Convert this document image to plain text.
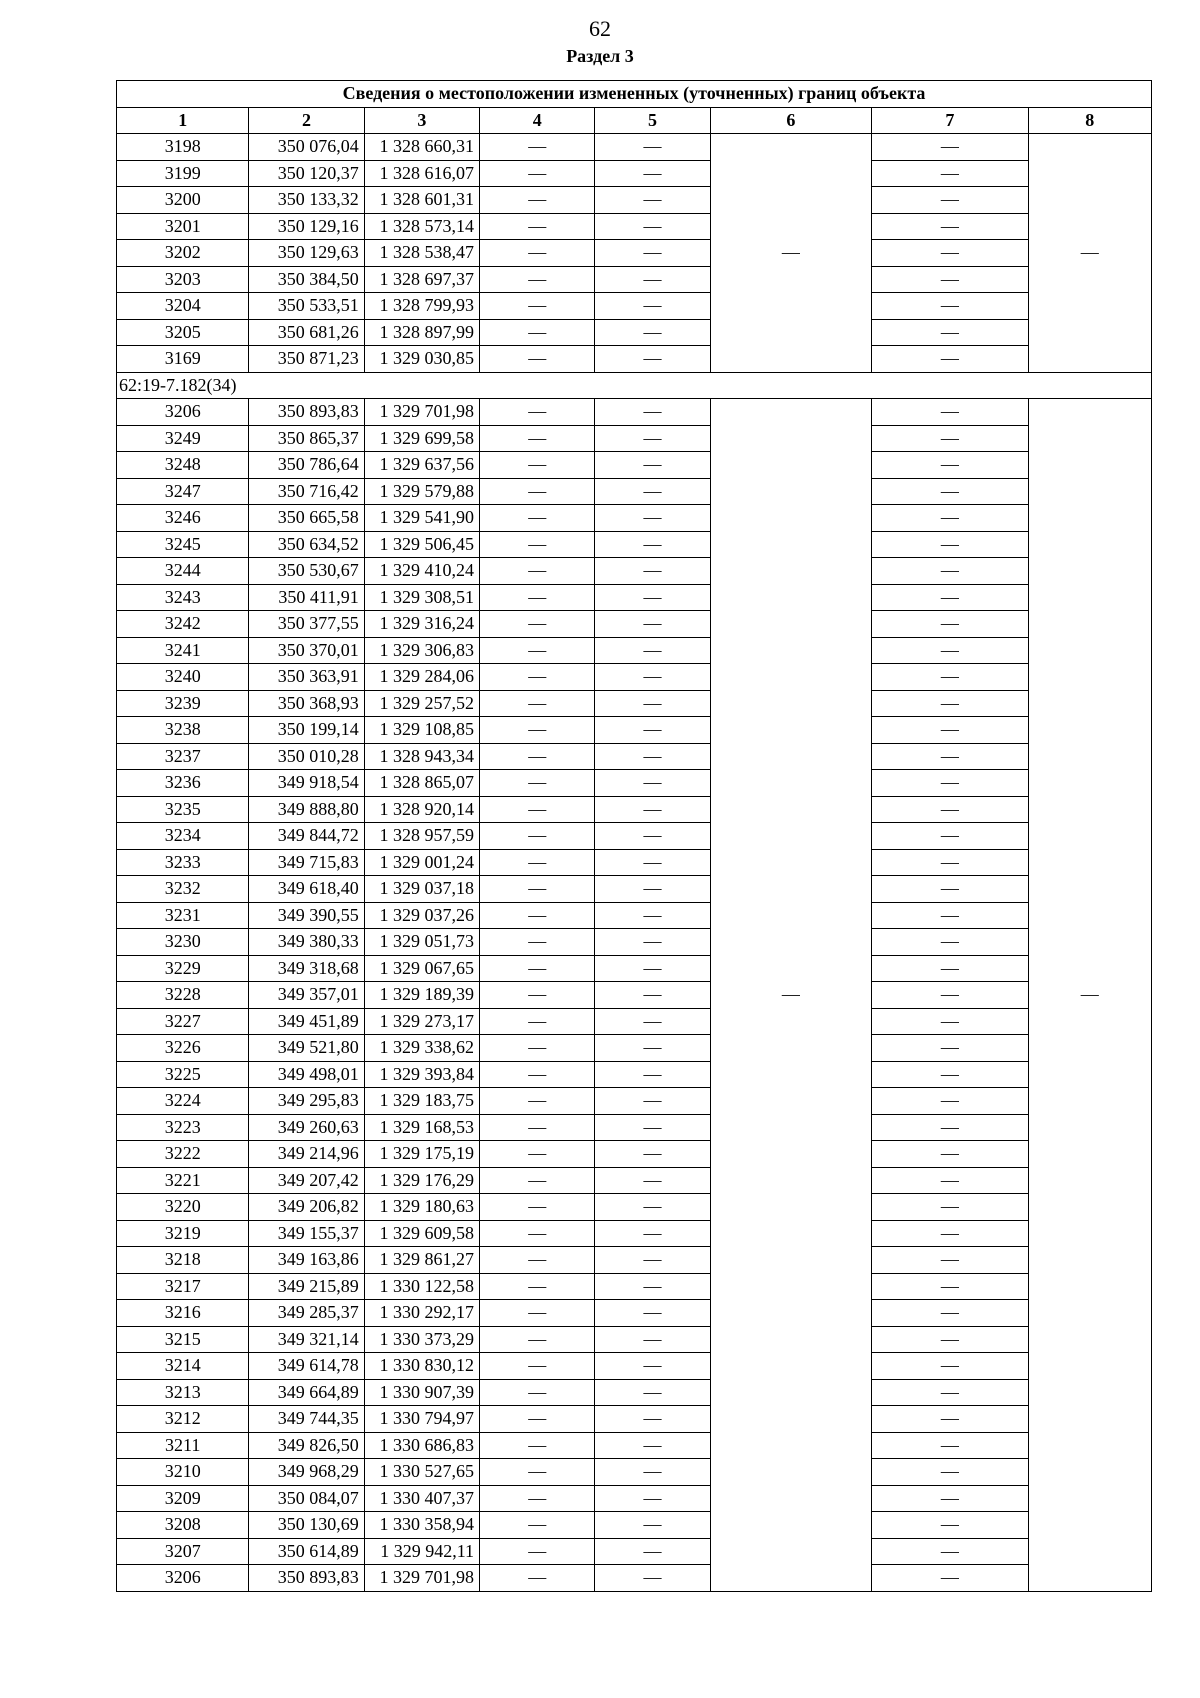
62
Раздел 3
Сведения о местоположении измененных (уточненных) границ объекта							
1	2	3	4	5	6	7	8
3198	350 076,04	1 328 660,31	—	—	—	—	—
3199	350 120,37	1 328 616,07	—	—		—	
3200	350 133,32	1 328 601,31	—	—		—	
3201	350 129,16	1 328 573,14	—	—		—	
3202	350 129,63	1 328 538,47	—	—		—	
3203	350 384,50	1 328 697,37	—	—		—	
3204	350 533,51	1 328 799,93	—	—		—	
3205	350 681,26	1 328 897,99	—	—		—	
3169	350 871,23	1 329 030,85	—	—		—	
62:19-7.182(34)							
3206	350 893,83	1 329 701,98	—	—	—	—	—
3249	350 865,37	1 329 699,58	—	—		—	
3248	350 786,64	1 329 637,56	—	—		—	
3247	350 716,42	1 329 579,88	—	—		—	
3246	350 665,58	1 329 541,90	—	—		—	
3245	350 634,52	1 329 506,45	—	—		—	
3244	350 530,67	1 329 410,24	—	—		—	
3243	350 411,91	1 329 308,51	—	—		—	
3242	350 377,55	1 329 316,24	—	—		—	
3241	350 370,01	1 329 306,83	—	—		—	
3240	350 363,91	1 329 284,06	—	—		—	
3239	350 368,93	1 329 257,52	—	—		—	
3238	350 199,14	1 329 108,85	—	—		—	
3237	350 010,28	1 328 943,34	—	—		—	
3236	349 918,54	1 328 865,07	—	—		—	
3235	349 888,80	1 328 920,14	—	—		—	
3234	349 844,72	1 328 957,59	—	—		—	
3233	349 715,83	1 329 001,24	—	—		—	
3232	349 618,40	1 329 037,18	—	—		—	
3231	349 390,55	1 329 037,26	—	—		—	
3230	349 380,33	1 329 051,73	—	—		—	
3229	349 318,68	1 329 067,65	—	—		—	
3228	349 357,01	1 329 189,39	—	—		—	
3227	349 451,89	1 329 273,17	—	—		—	
3226	349 521,80	1 329 338,62	—	—		—	
3225	349 498,01	1 329 393,84	—	—		—	
3224	349 295,83	1 329 183,75	—	—		—	
3223	349 260,63	1 329 168,53	—	—		—	
3222	349 214,96	1 329 175,19	—	—		—	
3221	349 207,42	1 329 176,29	—	—		—	
3220	349 206,82	1 329 180,63	—	—		—	
3219	349 155,37	1 329 609,58	—	—		—	
3218	349 163,86	1 329 861,27	—	—		—	
3217	349 215,89	1 330 122,58	—	—		—	
3216	349 285,37	1 330 292,17	—	—		—	
3215	349 321,14	1 330 373,29	—	—		—	
3214	349 614,78	1 330 830,12	—	—		—	
3213	349 664,89	1 330 907,39	—	—		—	
3212	349 744,35	1 330 794,97	—	—		—	
3211	349 826,50	1 330 686,83	—	—		—	
3210	349 968,29	1 330 527,65	—	—		—	
3209	350 084,07	1 330 407,37	—	—		—	
3208	350 130,69	1 330 358,94	—	—		—	
3207	350 614,89	1 329 942,11	—	—		—	
3206	350 893,83	1 329 701,98	—	—		—	
